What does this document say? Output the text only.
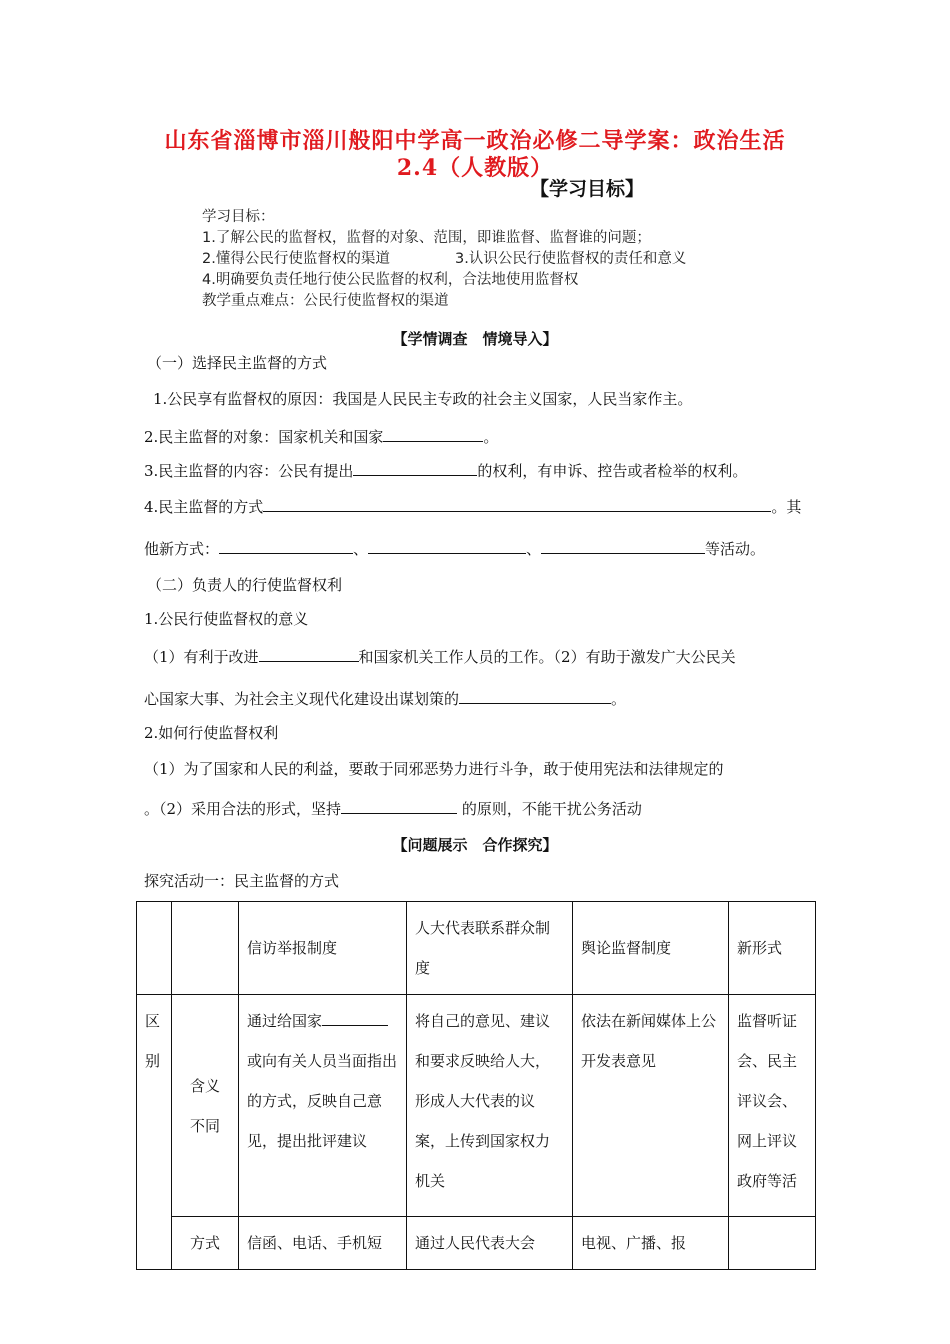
山东省淄博市淄川般阳中学高一政治必修二导学案：政治生活
2.4（人教版）
【学习目标】
学习目标：
1.了解公民的监督权，监督的对象、范围，即谁监督、监督谁的问题；
2.懂得公民行使监督权的渠道	3.认识公民行使监督权的责任和意义
4.明确要负责任地行使公民监督的权利，合法地使用监督权
教学重点难点：公民行使监督权的渠道
【学情调查　情境导入】
（一）选择民主监督的方式
1.公民享有监督权的原因：我国是人民民主专政的社会主义国家，人民当家作主。
2.民主监督的对象：国家机关和国家	。
3.民主监督的内容：公民有提出	的权利，有申诉、控告或者检举的权利。
4.民主监督的方式	。其
他新方式：	、	、	等活动。
（二）负责人的行使监督权利
1.公民行使监督权的意义
（1）有利于改进	和国家机关工作人员的工作。（2）有助于激发广大公民关
心国家大事、为社会主义现代化建设出谋划策的	。
2.如何行使监督权利
（1）为了国家和人民的利益，要敢于同邪恶势力进行斗争，敢于使用宪法和法律规定的
。（2）采用合法的形式，坚持	的原则，不能干扰公务活动
【问题展示　合作探究】
探究活动一：民主监督的方式
		信访举报制度	人大代表联系群众制度	舆论监督制度	新形式
区别	含义不同	通过给国家或向有关人员当面指出的方式，反映自己意见，提出批评建议	将自己的意见、建议和要求反映给人大，形成人大代表的议案，上传到国家权力机关	依法在新闻媒体上公开发表意见	监督听证会、民主评议会、网上评议政府等活
	方式	信函、电话、手机短	通过人民代表大会	电视、广播、报	
